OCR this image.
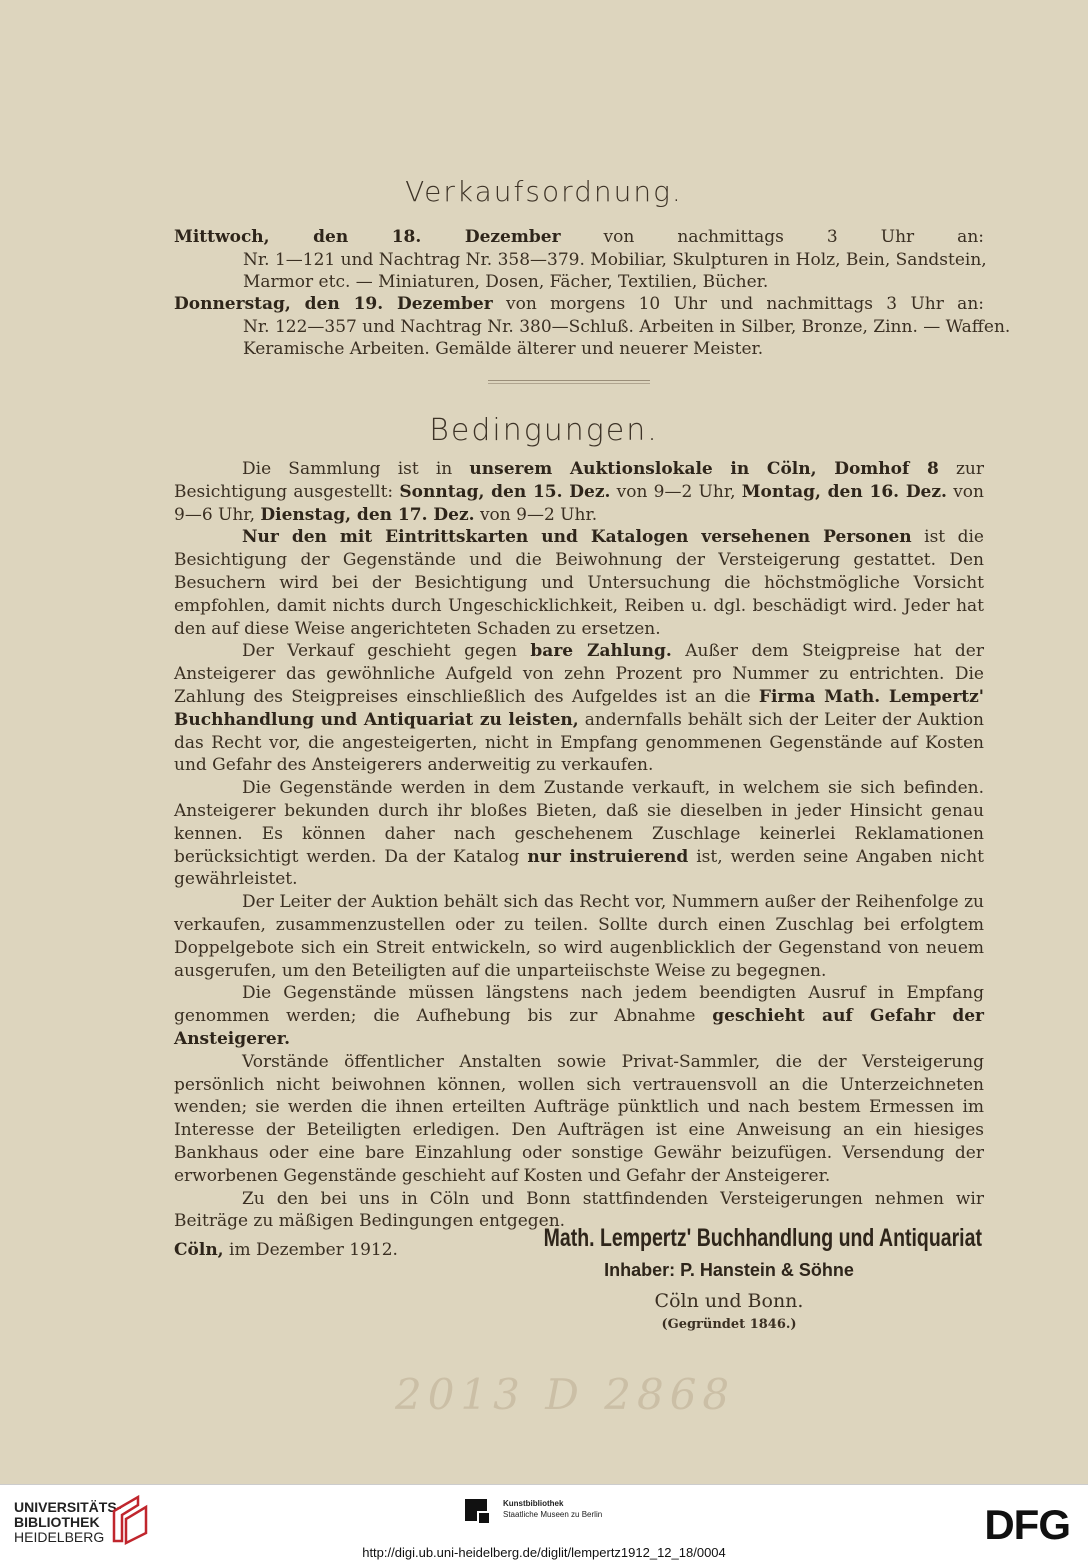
Verkaufsordnung.
Mittwoch, den 18. Dezember von nachmittags 3 Uhr an:
Nr. 1—121 und Nachtrag Nr. 358—379. Mobiliar, Skulpturen in Holz, Bein, Sandstein,
Marmor etc. — Miniaturen, Dosen, Fächer, Textilien, Bücher.
Donnerstag, den 19. Dezember von morgens 10 Uhr und nachmittags 3 Uhr an:
Nr. 122—357 und Nachtrag Nr. 380—Schluß. Arbeiten in Silber, Bronze, Zinn. — Waffen.
Keramische Arbeiten. Gemälde älterer und neuerer Meister.
Bedingungen.

Die Sammlung ist in unserem Auktionslokale in Cöln, Domhof 8 zur Besichtigung ausgestellt: Sonntag, den 15. Dez. von 9—2 Uhr, Montag, den 16. Dez. von 9—6 Uhr, Dienstag, den 17. Dez. von 9—2 Uhr.

Nur den mit Eintrittskarten und Katalogen versehenen Personen ist die Besichtigung der Gegenstände und die Beiwohnung der Versteigerung gestattet. Den Besuchern wird bei der Besichtigung und Untersuchung die höchstmögliche Vorsicht empfohlen, damit nichts durch Ungeschicklichkeit, Reiben u. dgl. beschädigt wird. Jeder hat den auf diese Weise angerichteten Schaden zu ersetzen.

Der Verkauf geschieht gegen bare Zahlung. Außer dem Steigpreise hat der Ansteigerer das gewöhnliche Aufgeld von zehn Prozent pro Nummer zu entrichten. Die Zahlung des Steigpreises einschließlich des Aufgeldes ist an die Firma Math. Lempertz' Buchhandlung und Antiquariat zu leisten, andernfalls behält sich der Leiter der Auktion das Recht vor, die angesteigerten, nicht in Empfang genommenen Gegenstände auf Kosten und Gefahr des Ansteigerers anderweitig zu verkaufen.

Die Gegenstände werden in dem Zustande verkauft, in welchem sie sich befinden. Ansteigerer bekunden durch ihr bloßes Bieten, daß sie dieselben in jeder Hinsicht genau kennen. Es können daher nach geschehenem Zuschlage keinerlei Reklamationen berücksichtigt werden. Da der Katalog nur instruierend ist, werden seine Angaben nicht gewährleistet.

Der Leiter der Auktion behält sich das Recht vor, Nummern außer der Reihenfolge zu verkaufen, zusammenzustellen oder zu teilen. Sollte durch einen Zuschlag bei erfolgtem Doppelgebote sich ein Streit entwickeln, so wird augenblicklich der Gegenstand von neuem ausgerufen, um den Beteiligten auf die unparteiischste Weise zu begegnen.

Die Gegenstände müssen längstens nach jedem beendigten Ausruf in Empfang genommen werden; die Aufhebung bis zur Abnahme geschieht auf Gefahr der Ansteigerer.

Vorstände öffentlicher Anstalten sowie Privat-Sammler, die der Versteigerung persönlich nicht beiwohnen können, wollen sich vertrauensvoll an die Unterzeichneten wenden; sie werden die ihnen erteilten Aufträge pünktlich und nach bestem Ermessen im Interesse der Beteiligten erledigen. Den Aufträgen ist eine Anweisung an ein hiesiges Bankhaus oder eine bare Einzahlung oder sonstige Gewähr beizufügen. Versendung der erworbenen Gegenstände geschieht auf Kosten und Gefahr der Ansteigerer.

Zu den bei uns in Cöln und Bonn stattfindenden Versteigerungen nehmen wir Beiträge zu mäßigen Bedingungen entgegen.

Cöln, im Dezember 1912.	Math. Lempertz' Buchhandlung und Antiquariat
Inhaber: P. Hanstein & Söhne
Cöln und Bonn.
(Gegründet 1846.)
2013 D 2868
UNIVERSITÄTS-
BIBLIOTHEK
HEIDELBERG
Kunstbibliothek
Staatliche Museen zu Berlin	DFG
http://digi.ub.uni-heidelberg.de/diglit/lempertz1912_12_18/0004
